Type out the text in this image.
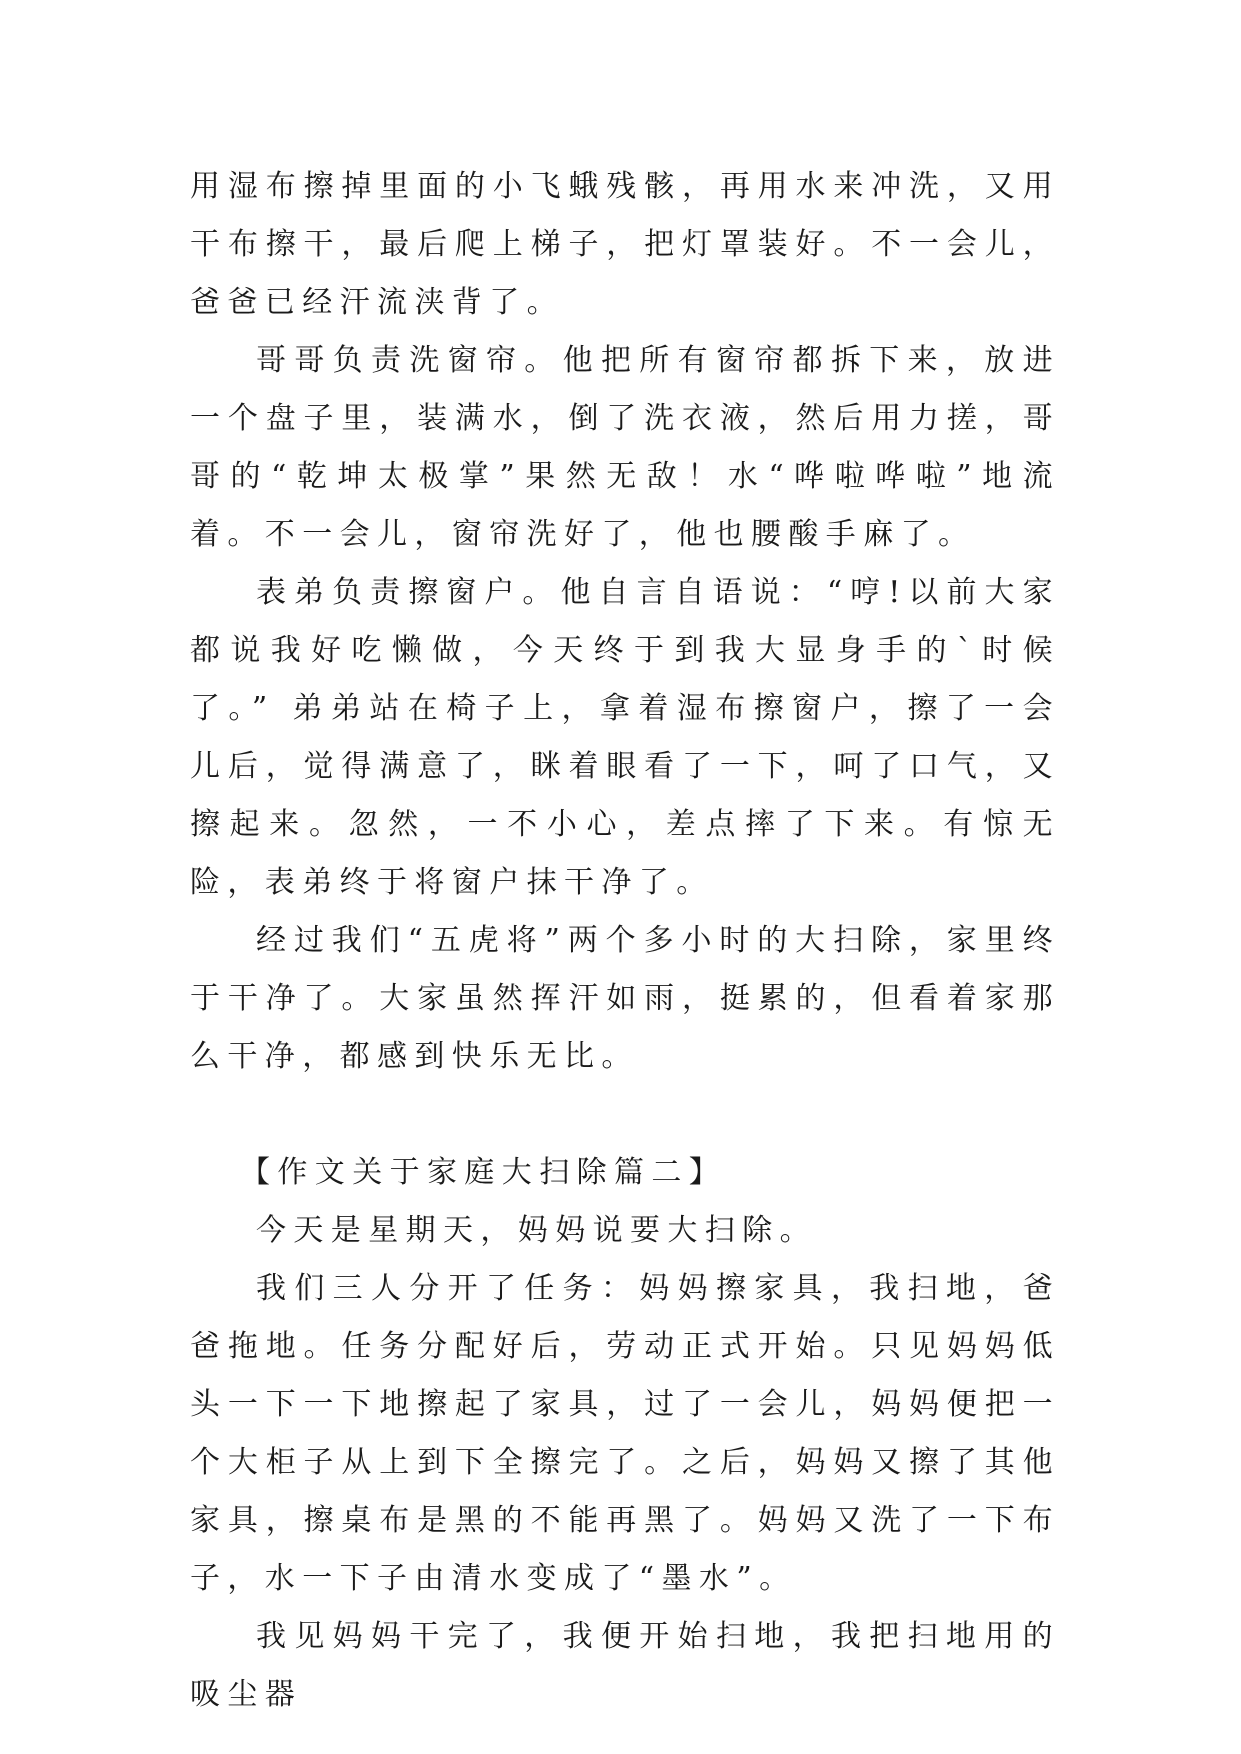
用湿布擦掉里面的小飞蛾残骸，再用水来冲洗，又用干布擦干，最后爬上梯子，把灯罩装好。不一会儿，爸爸已经汗流浃背了。

哥哥负责洗窗帘。他把所有窗帘都拆下来，放进一个盘子里，装满水，倒了洗衣液，然后用力搓，哥哥的“乾坤太极掌”果然无敌！水“哗啦哗啦”地流着。不一会儿，窗帘洗好了，他也腰酸手麻了。

表弟负责擦窗户。他自言自语说：“哼!以前大家都说我好吃懒做，今天终于到我大显身手的`时候了。” 弟弟站在椅子上，拿着湿布擦窗户，擦了一会儿后，觉得满意了，眯着眼看了一下，呵了口气，又擦起来。忽然，一不小心，差点摔了下来。有惊无险，表弟终于将窗户抹干净了。

经过我们“五虎将”两个多小时的大扫除，家里终于干净了。大家虽然挥汗如雨，挺累的，但看着家那么干净，都感到快乐无比。

【作文关于家庭大扫除篇二】

今天是星期天，妈妈说要大扫除。

我们三人分开了任务：妈妈擦家具，我扫地，爸爸拖地。任务分配好后，劳动正式开始。只见妈妈低头一下一下地擦起了家具，过了一会儿，妈妈便把一个大柜子从上到下全擦完了。之后，妈妈又擦了其他家具，擦桌布是黑的不能再黑了。妈妈又洗了一下布子，水一下子由清水变成了“墨水”。

我见妈妈干完了，我便开始扫地，我把扫地用的吸尘器
